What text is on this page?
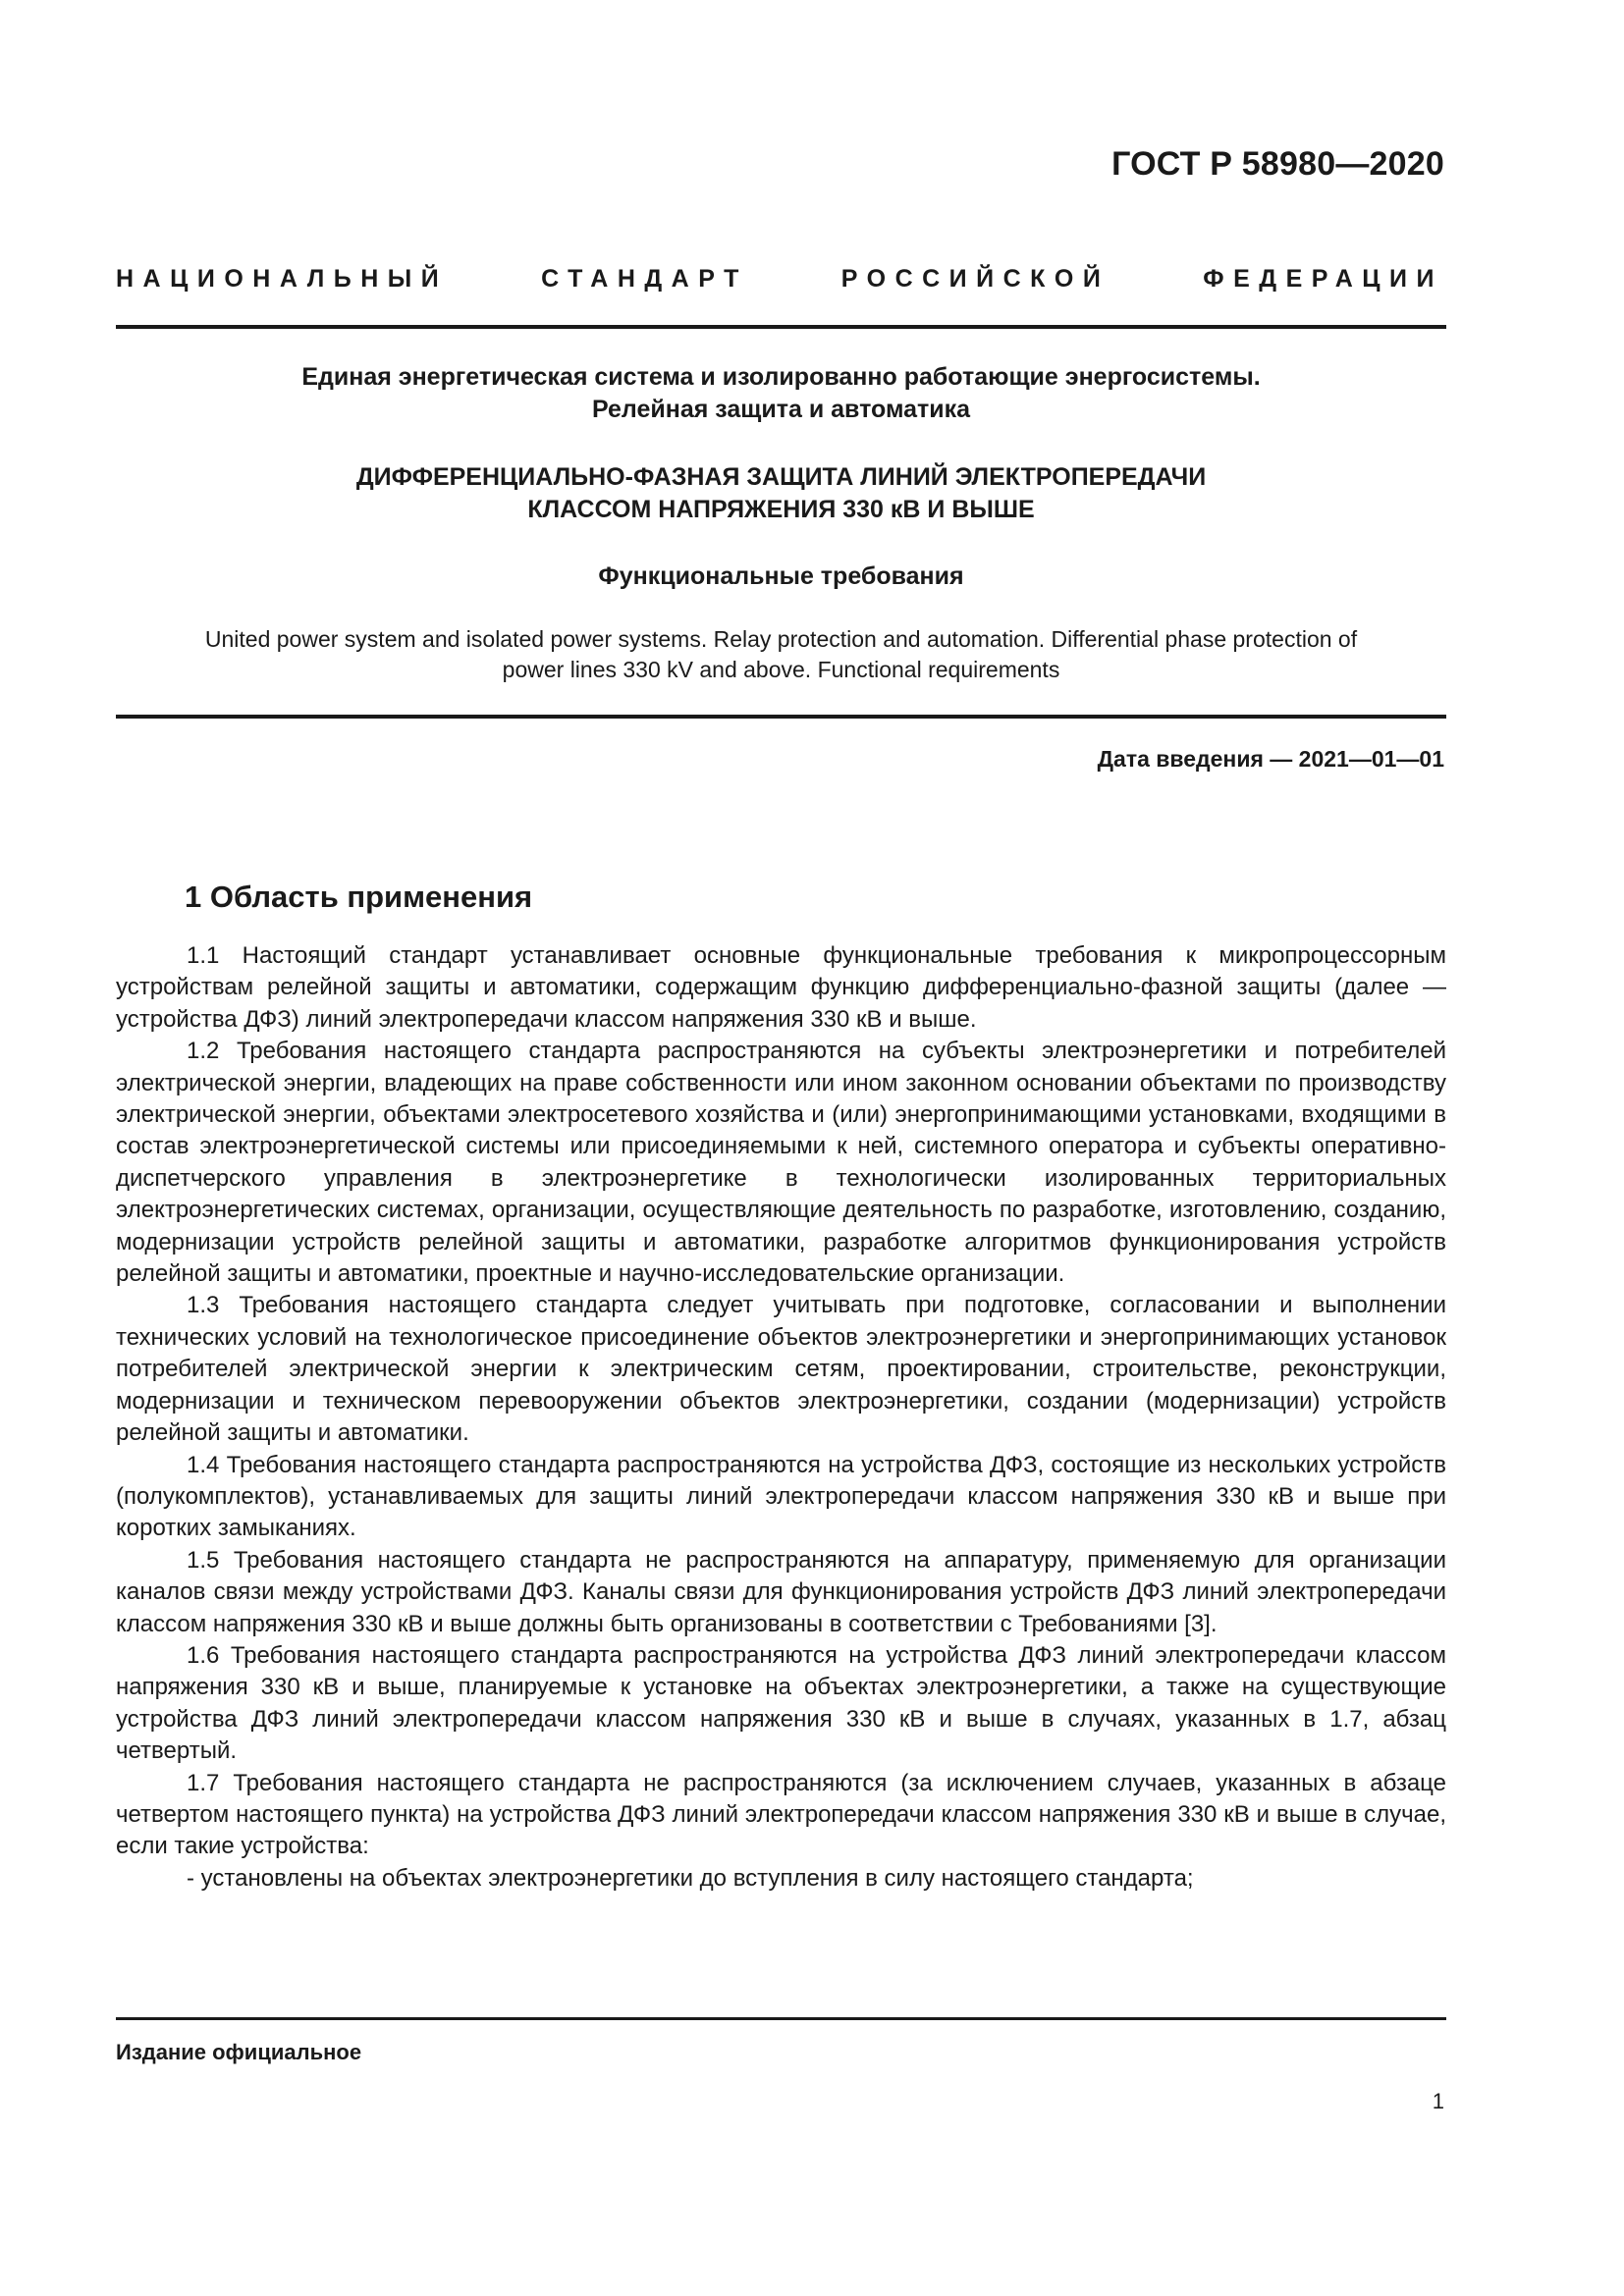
ГОСТ Р 58980—2020
НАЦИОНАЛЬНЫЙ СТАНДАРТ РОССИЙСКОЙ ФЕДЕРАЦИИ
Единая энергетическая система и изолированно работающие энергосистемы.
Релейная защита и автоматика
ДИФФЕРЕНЦИАЛЬНО-ФАЗНАЯ ЗАЩИТА ЛИНИЙ ЭЛЕКТРОПЕРЕДАЧИ
КЛАССОМ НАПРЯЖЕНИЯ 330 кВ И ВЫШЕ
Функциональные требования
United power system and isolated power systems. Relay protection and automation. Differential phase protection of
power lines 330 kV and above. Functional requirements
Дата введения — 2021—01—01
1 Область применения

1.1 Настоящий стандарт устанавливает основные функциональные требования к микропроцессорным устройствам релейной защиты и автоматики, содержащим функцию дифференциально-фазной защиты (далее — устройства ДФЗ) линий электропередачи классом напряжения 330 кВ и выше.

1.2 Требования настоящего стандарта распространяются на субъекты электроэнергетики и потребителей электрической энергии, владеющих на праве собственности или ином законном основании объектами по производству электрической энергии, объектами электросетевого хозяйства и (или) энергопринимающими установками, входящими в состав электроэнергетической системы или присоединяемыми к ней, системного оператора и субъекты оперативно-диспетчерского управления в электроэнергетике в технологически изолированных территориальных электроэнергетических системах, организации, осуществляющие деятельность по разработке, изготовлению, созданию, модернизации устройств релейной защиты и автоматики, разработке алгоритмов функционирования устройств релейной защиты и автоматики, проектные и научно-исследовательские организации.

1.3 Требования настоящего стандарта следует учитывать при подготовке, согласовании и выполнении технических условий на технологическое присоединение объектов электроэнергетики и энергопринимающих установок потребителей электрической энергии к электрическим сетям, проектировании, строительстве, реконструкции, модернизации и техническом перевооружении объектов электроэнергетики, создании (модернизации) устройств релейной защиты и автоматики.

1.4 Требования настоящего стандарта распространяются на устройства ДФЗ, состоящие из нескольких устройств (полукомплектов), устанавливаемых для защиты линий электропередачи классом напряжения 330 кВ и выше при коротких замыканиях.

1.5 Требования настоящего стандарта не распространяются на аппаратуру, применяемую для организации каналов связи между устройствами ДФЗ. Каналы связи для функционирования устройств ДФЗ линий электропередачи классом напряжения 330 кВ и выше должны быть организованы в соответствии с Требованиями [3].

1.6 Требования настоящего стандарта распространяются на устройства ДФЗ линий электропередачи классом напряжения 330 кВ и выше, планируемые к установке на объектах электроэнергетики, а также на существующие устройства ДФЗ линий электропередачи классом напряжения 330 кВ и выше в случаях, указанных в 1.7, абзац четвертый.

1.7 Требования настоящего стандарта не распространяются (за исключением случаев, указанных в абзаце четвертом настоящего пункта) на устройства ДФЗ линий электропередачи классом напряжения 330 кВ и выше в случае, если такие устройства:

- установлены на объектах электроэнергетики до вступления в силу настоящего стандарта;

Издание официальное
1
